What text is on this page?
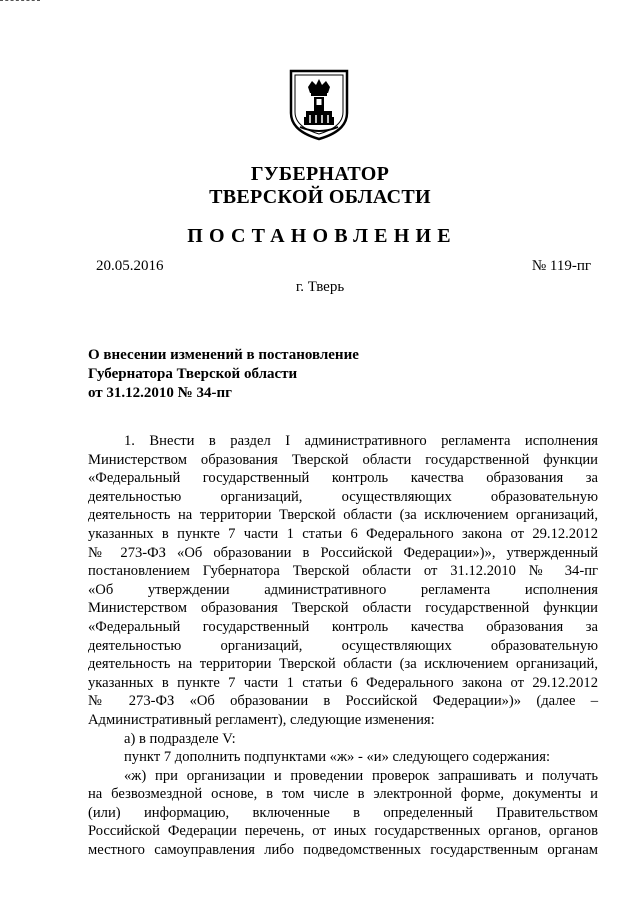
ГУБЕРНАТОР
ТВЕРСКОЙ ОБЛАСТИ
ПОСТАНОВЛЕНИЕ
20.05.2016	№ 119-пг
г. Тверь
О внесении изменений в постановление
Губернатора Тверской области
от 31.12.2010 № 34-пг
1. Внести в раздел I административного регламента исполнения
Министерством образования Тверской области государственной функции
«Федеральный государственный контроль качества образования за
деятельностью организаций, осуществляющих образовательную
деятельность на территории Тверской области (за исключением организаций,
указанных в пункте 7 части 1 статьи 6 Федерального закона от 29.12.2012
№ 273-ФЗ «Об образовании в Российской Федерации»)», утвержденный
постановлением Губернатора Тверской области от 31.12.2010 № 34-пг
«Об утверждении административного регламента исполнения
Министерством образования Тверской области государственной функции
«Федеральный государственный контроль качества образования за
деятельностью организаций, осуществляющих образовательную
деятельность на территории Тверской области (за исключением организаций,
указанных в пункте 7 части 1 статьи 6 Федерального закона от 29.12.2012
№ 273-ФЗ «Об образовании в Российской Федерации»)» (далее –
Административный регламент), следующие изменения:
а) в подразделе V:
пункт 7 дополнить подпунктами «ж» - «и» следующего содержания:
«ж) при организации и проведении проверок запрашивать и получать
на безвозмездной основе, в том числе в электронной форме, документы и
(или) информацию, включенные в определенный Правительством
Российской Федерации перечень, от иных государственных органов, органов
местного самоуправления либо подведомственных государственным органам
